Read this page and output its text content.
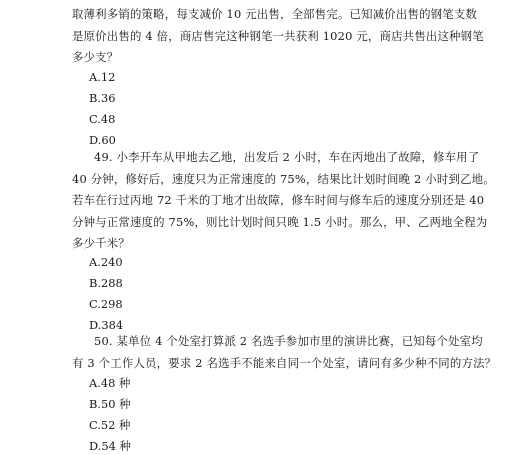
取薄利多销的策略，每支减价 10 元出售，全部售完。已知减价出售的钢笔支数
是原价出售的 4 倍，商店售完这种钢笔一共获利 1020 元，商店共售出这种钢笔
多少支？

A.12

B.36

C.48

D.60

49. 小李开车从甲地去乙地，出发后 2 小时，车在丙地出了故障，修车用了
40 分钟，修好后，速度只为正常速度的 75%，结果比计划时间晚 2 小时到乙地。
若车在行过丙地 72 千米的丁地才出故障，修车时间与修车后的速度分别还是 40
分钟与正常速度的 75%，则比计划时间只晚 1.5 小时。那么，甲、乙两地全程为
多少千米？

A.240

B.288

C.298

D.384

50. 某单位 4 个处室打算派 2 名选手参加市里的演讲比赛，已知每个处室均
有 3 个工作人员，要求 2 名选手不能来自同一个处室，请问有多少种不同的方法？

A.48 种

B.50 种

C.52 种

D.54 种
